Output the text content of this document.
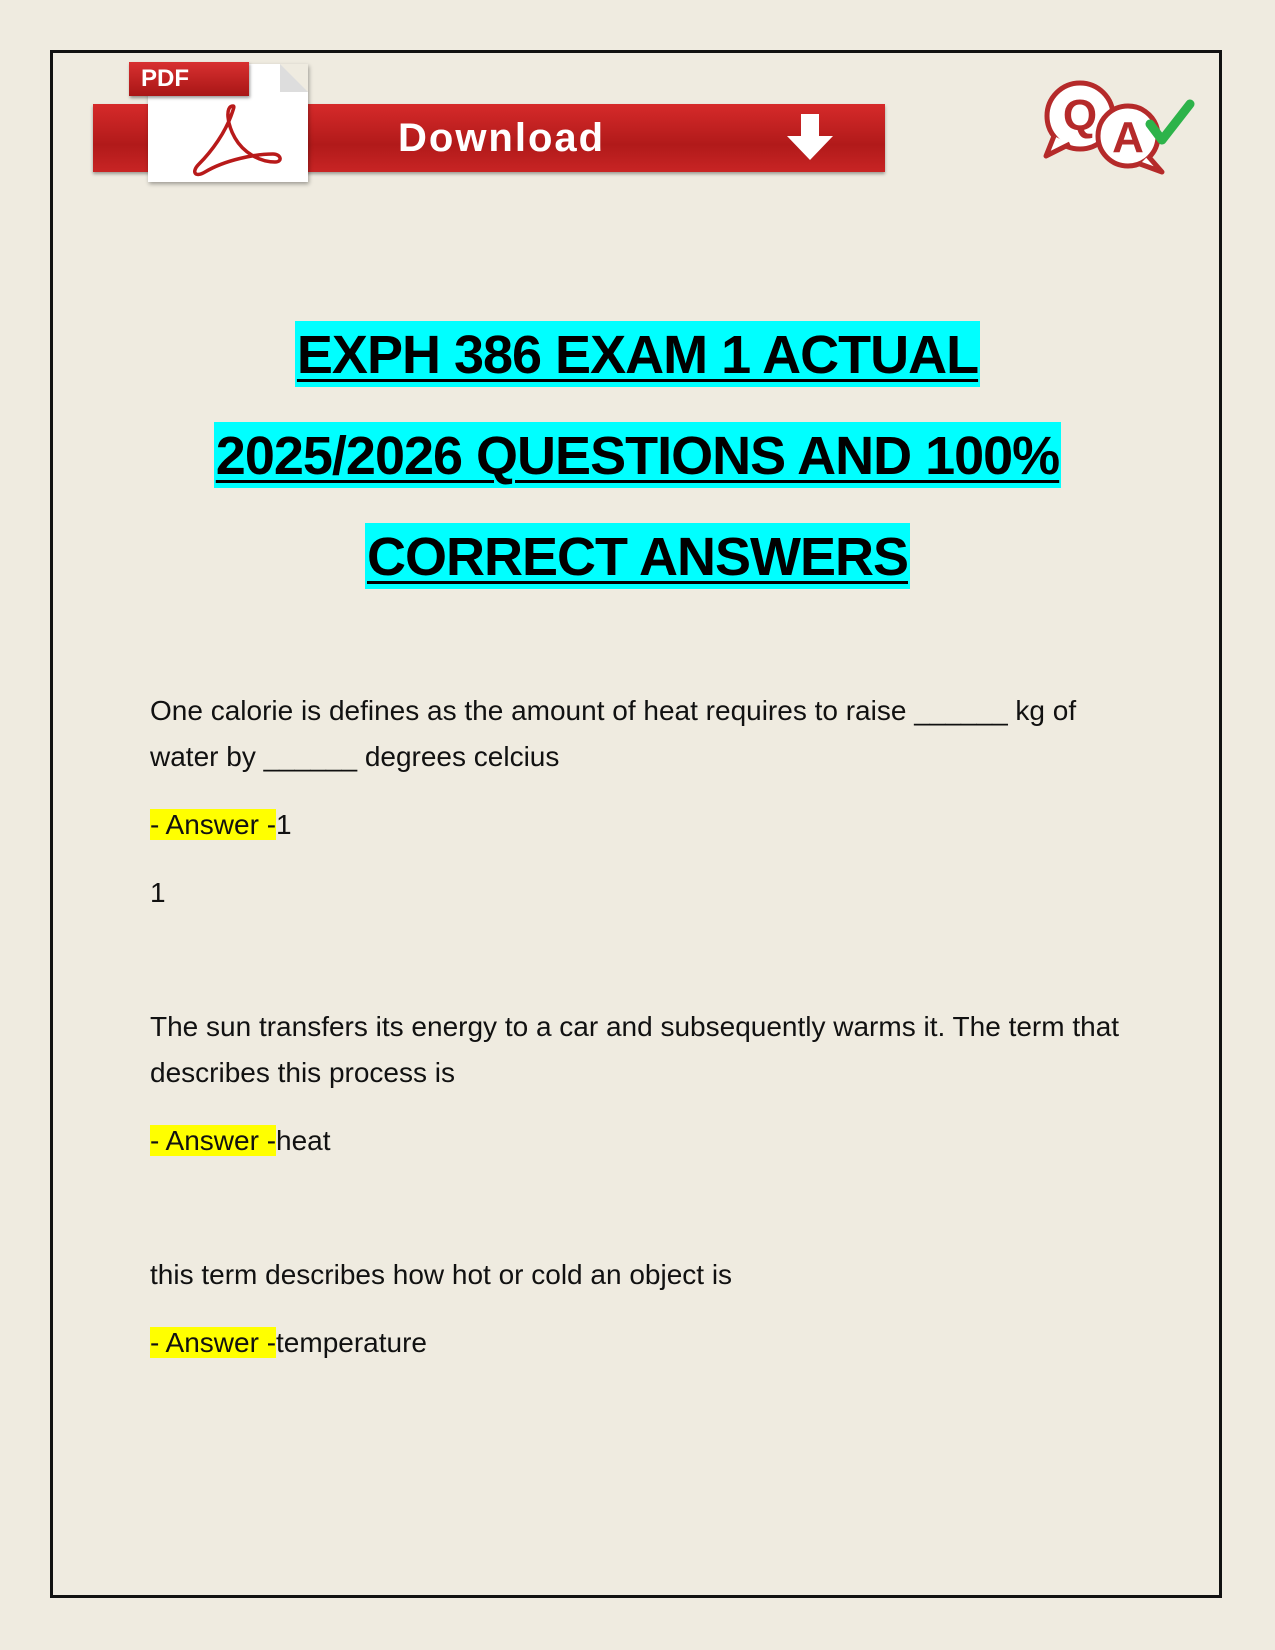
PDF
Download	Q A
EXPH 386 EXAM 1 ACTUAL
2025/2026 QUESTIONS AND 100%
CORRECT ANSWERS

One calorie is defines as the amount of heat requires to raise ______ kg of water by ______ degrees celcius

- Answer -1

1

The sun transfers its energy to a car and subsequently warms it. The term that describes this process is

- Answer -heat

this term describes how hot or cold an object is

- Answer -temperature
